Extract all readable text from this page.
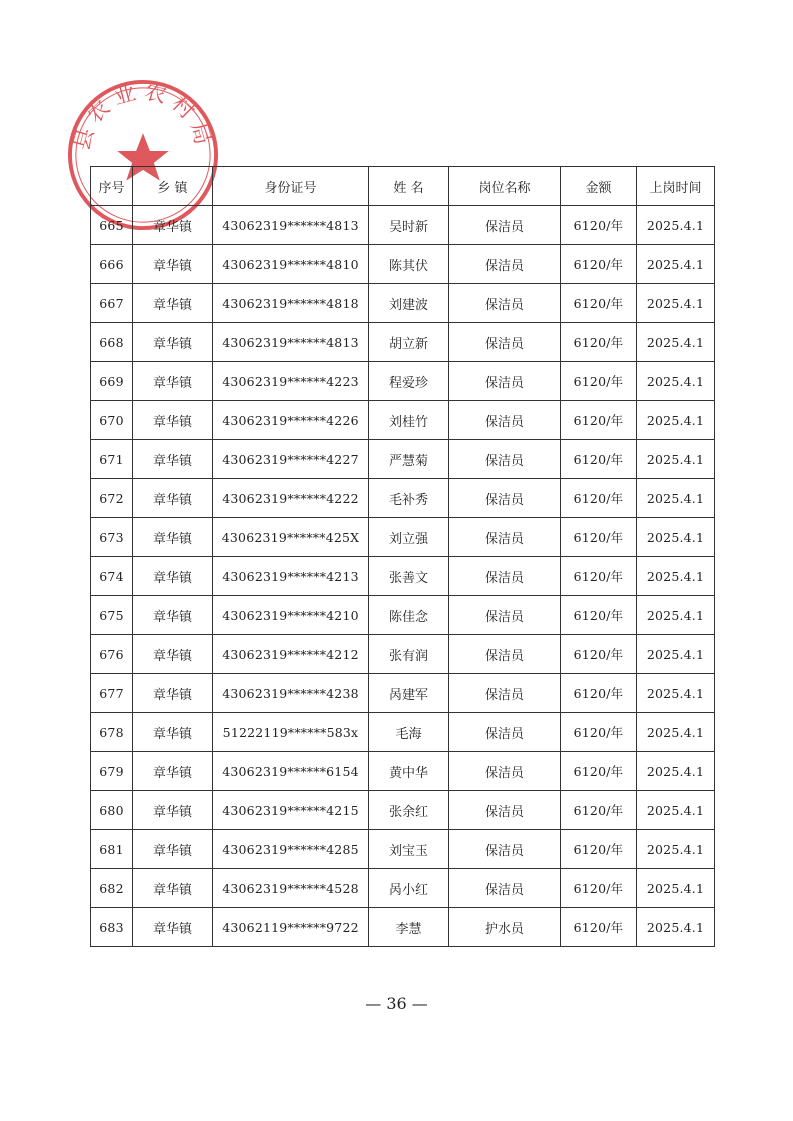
县农业农村局
序号	乡 镇	身份证号	姓 名	岗位名称	金额	上岗时间
665	章华镇	43062319******4813	吴时新	保洁员	6120/年	2025.4.1
666	章华镇	43062319******4810	陈其伏	保洁员	6120/年	2025.4.1
667	章华镇	43062319******4818	刘建波	保洁员	6120/年	2025.4.1
668	章华镇	43062319******4813	胡立新	保洁员	6120/年	2025.4.1
669	章华镇	43062319******4223	程爱珍	保洁员	6120/年	2025.4.1
670	章华镇	43062319******4226	刘桂竹	保洁员	6120/年	2025.4.1
671	章华镇	43062319******4227	严慧菊	保洁员	6120/年	2025.4.1
672	章华镇	43062319******4222	毛补秀	保洁员	6120/年	2025.4.1
673	章华镇	43062319******425X	刘立强	保洁员	6120/年	2025.4.1
674	章华镇	43062319******4213	张善文	保洁员	6120/年	2025.4.1
675	章华镇	43062319******4210	陈佳念	保洁员	6120/年	2025.4.1
676	章华镇	43062319******4212	张有润	保洁员	6120/年	2025.4.1
677	章华镇	43062319******4238	呙建军	保洁员	6120/年	2025.4.1
678	章华镇	51222119******583x	毛海	保洁员	6120/年	2025.4.1
679	章华镇	43062319******6154	黄中华	保洁员	6120/年	2025.4.1
680	章华镇	43062319******4215	张余红	保洁员	6120/年	2025.4.1
681	章华镇	43062319******4285	刘宝玉	保洁员	6120/年	2025.4.1
682	章华镇	43062319******4528	呙小红	保洁员	6120/年	2025.4.1
683	章华镇	43062119******9722	李慧	护水员	6120/年	2025.4.1
— 36 —
